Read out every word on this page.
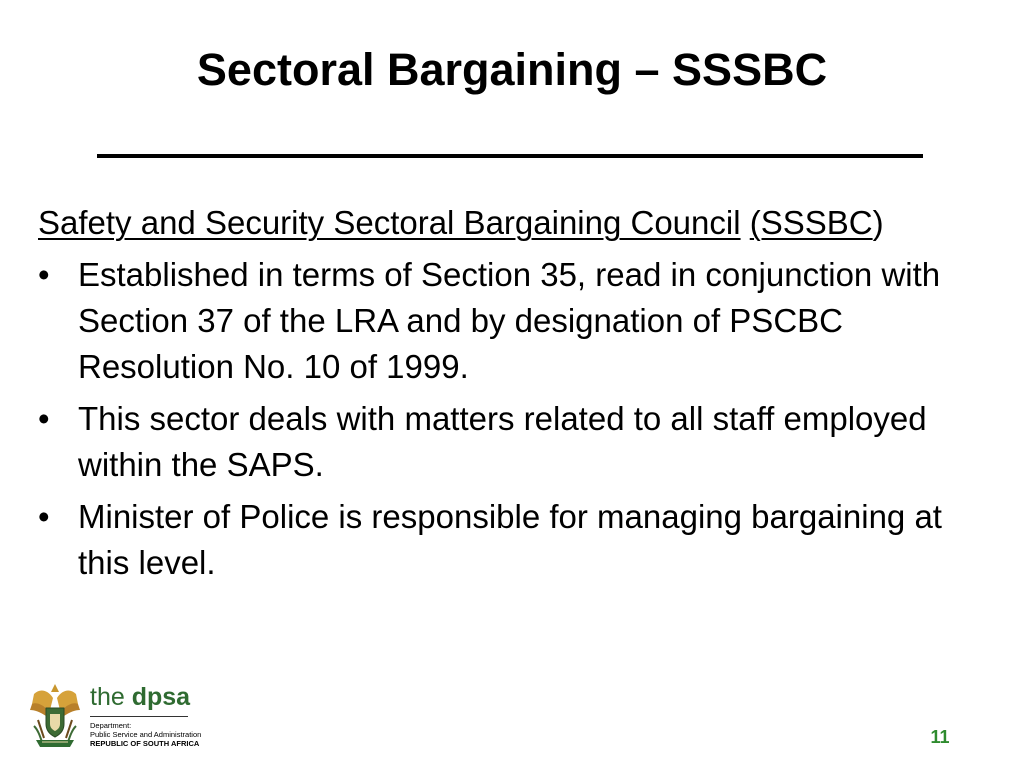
Sectoral Bargaining – SSSBC

Safety and Security Sectoral Bargaining Council (SSSBC)

• Established in terms of Section 35, read in conjunction with Section 37 of the LRA and by designation of PSCBC Resolution No. 10 of 1999.
• This sector deals with matters related to all staff employed within the SAPS.
• Minister of Police is responsible for managing bargaining at this level.
the dpsa
Department:
Public Service and Administration
REPUBLIC OF SOUTH AFRICA	11
